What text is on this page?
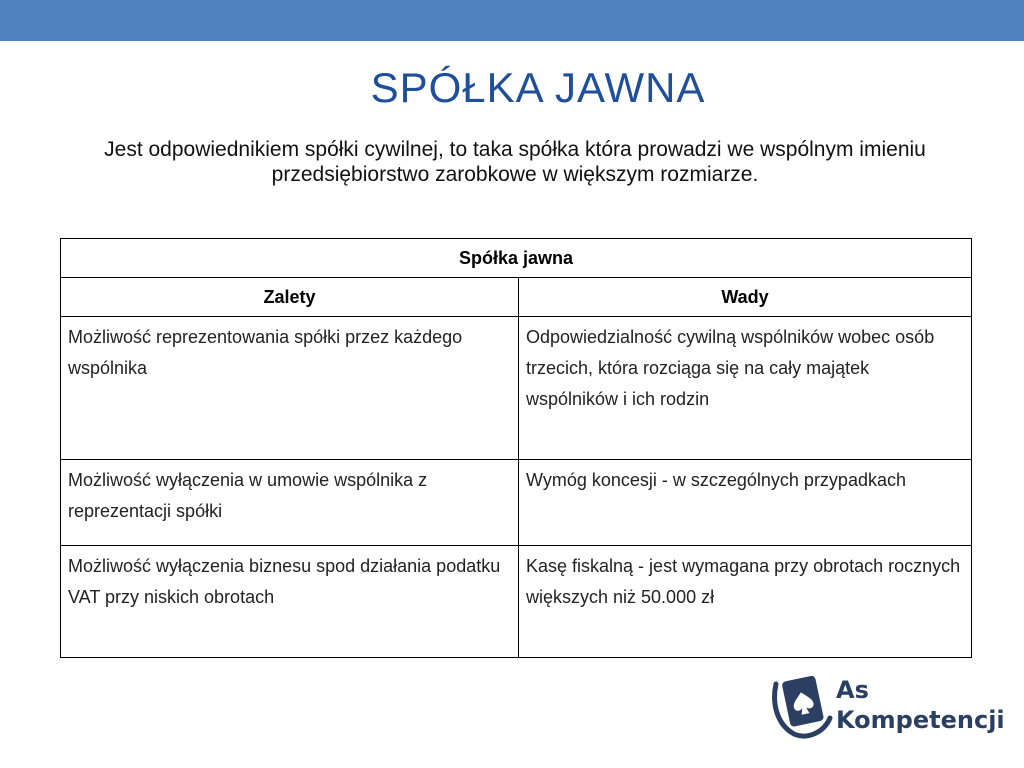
SPÓŁKA JAWNA

Jest odpowiednikiem spółki cywilnej, to taka spółka która prowadzi we wspólnym imieniu przedsiębiorstwo zarobkowe w większym rozmiarze.

Spółka jawna	
Zalety	Wady
Możliwość reprezentowania spółki przez każdego wspólnika	Odpowiedzialność cywilną wspólników wobec osób trzecich, która rozciąga się na cały majątek wspólników i ich rodzin
Możliwość wyłączenia w umowie wspólnika z reprezentacji spółki	Wymóg koncesji - w szczególnych przypadkach
Możliwość wyłączenia biznesu spod działania podatku VAT przy niskich obrotach	Kasę fiskalną - jest wymagana przy obrotach rocznych większych niż 50.000 zł

As

Kompetencji
